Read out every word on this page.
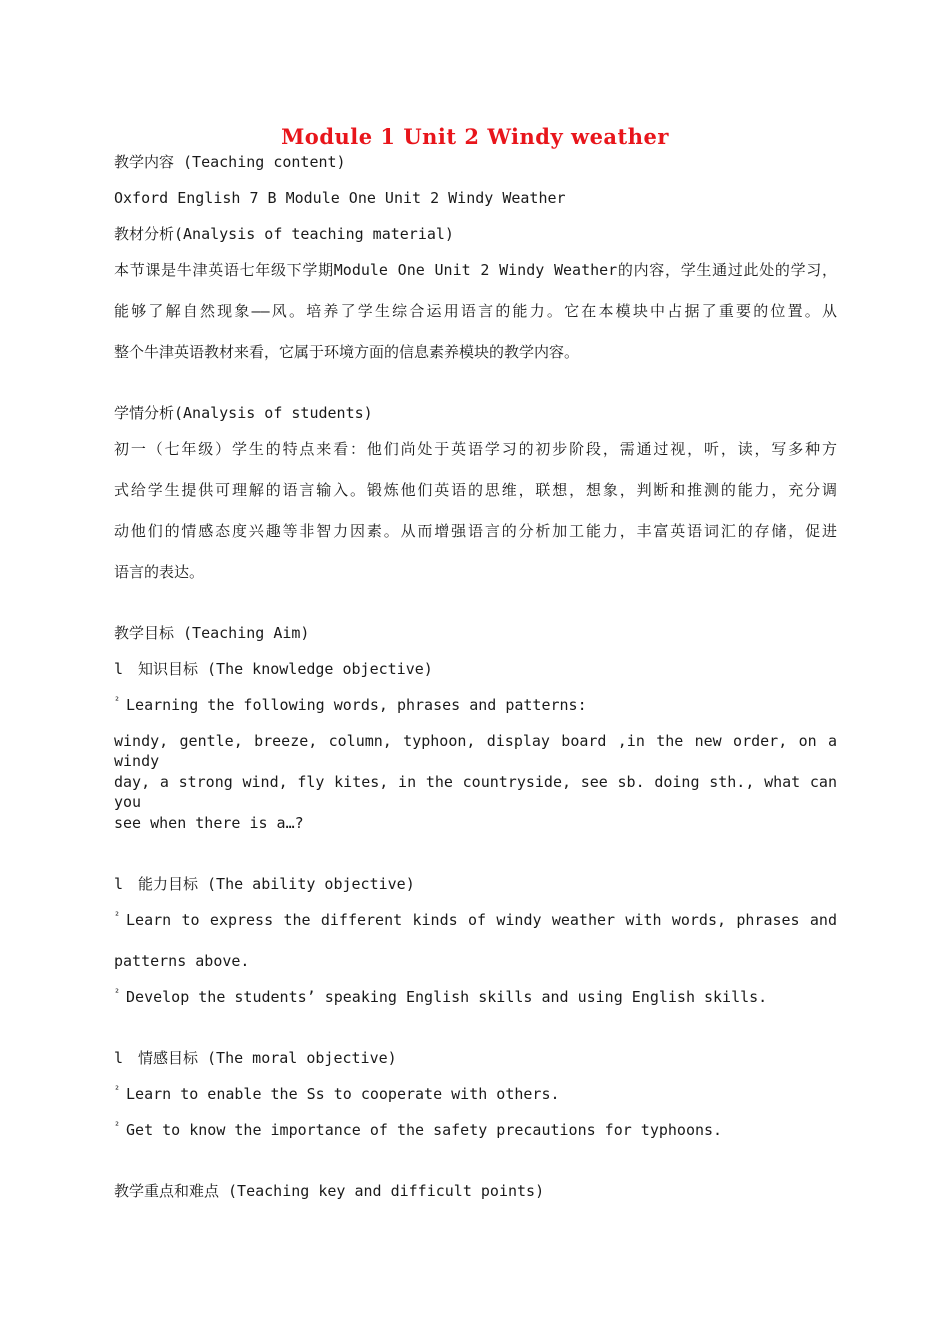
Module 1 Unit 2 Windy weather
教学内容 (Teaching content)
Oxford English 7 B Module One Unit 2 Windy Weather
教材分析(Analysis of teaching material)
本节课是牛津英语七年级下学期Module One Unit 2 Windy Weather的内容，学生通过此处的学习，
能够了解自然现象——风。培养了学生综合运用语言的能力。它在本模块中占据了重要的位置。从
整个牛津英语教材来看，它属于环境方面的信息素养模块的教学内容。
学情分析(Analysis of students)
初一（七年级）学生的特点来看：他们尚处于英语学习的初步阶段，需通过视，听，读，写多种方
式给学生提供可理解的语言输入。锻炼他们英语的思维，联想，想象，判断和推测的能力，充分调
动他们的情感态度兴趣等非智力因素。从而增强语言的分析加工能力，丰富英语词汇的存储，促进
语言的表达。
教学目标 (Teaching Aim)
l 知识目标 (The knowledge objective)
² Learning the following words, phrases and patterns:
windy, gentle, breeze, column, typhoon, display board ,in the new order, on a windy
day, a strong wind, fly kites, in the countryside, see sb. doing sth., what can you
see when there is a…?
l 能力目标 (The ability objective)
² Learn to express the different kinds of windy weather with words, phrases and
patterns above.
² Develop the students’ speaking English skills and using English skills.
l 情感目标 (The moral objective)
² Learn to enable the Ss to cooperate with others.
² Get to know the importance of the safety precautions for typhoons.
教学重点和难点 (Teaching key and difficult points)
